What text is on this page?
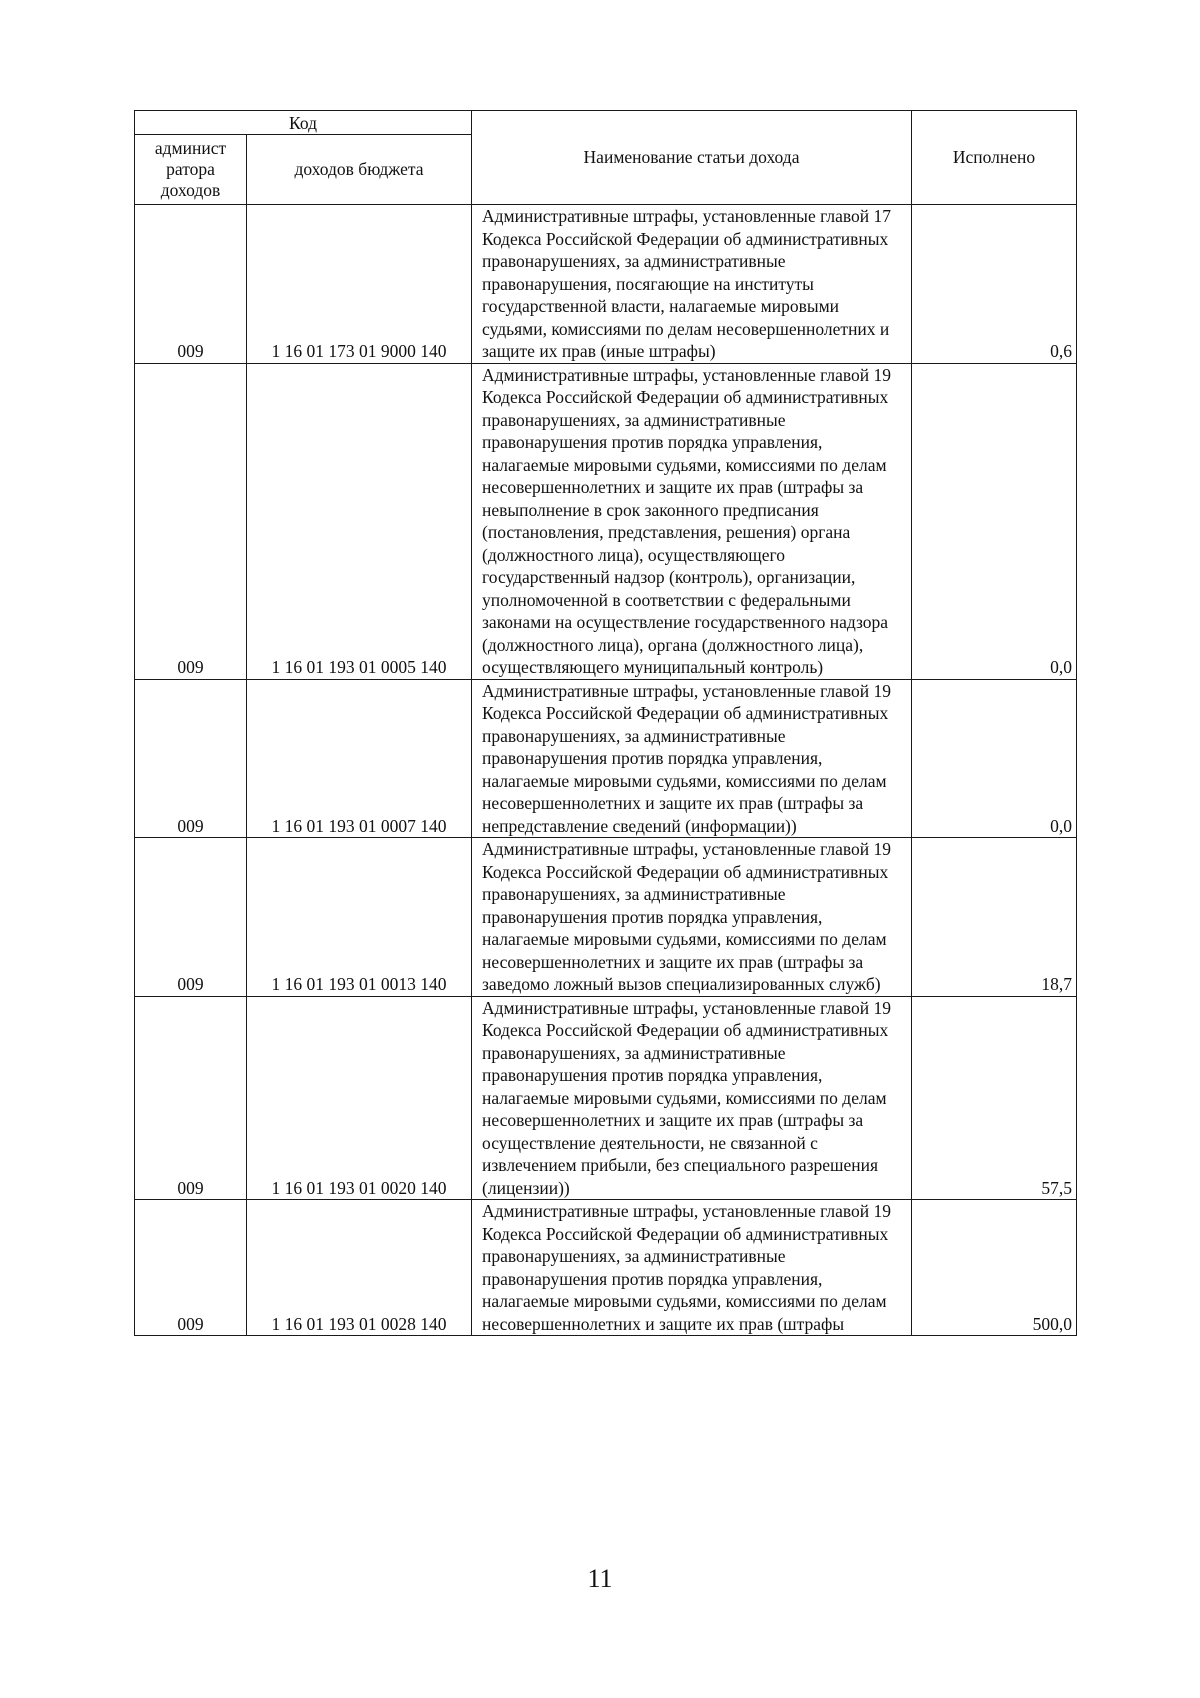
Код		Наименование статьи дохода	Исполнено

админист
ратора
доходов	доходов бюджета		
009	1 16 01 173 01 9000 140	Административные штрафы, установленные главой 17 Кодекса Российской Федерации об административных правонарушениях, за административные правонарушения, посягающие на институты государственной власти, налагаемые мировыми судьями, комиссиями по делам несовершеннолетних и защите их прав (иные штрафы)	0,6
009	1 16 01 193 01 0005 140	Административные штрафы, установленные главой 19 Кодекса Российской Федерации об административных правонарушениях, за административные правонарушения против порядка управления, налагаемые мировыми судьями, комиссиями по делам несовершеннолетних и защите их прав (штрафы за невыполнение в срок законного предписания (постановления, представления, решения) органа (должностного лица), осуществляющего государственный надзор (контроль), организации, уполномоченной в соответствии с федеральными законами на осуществление государственного надзора (должностного лица), органа (должностного лица), осуществляющего муниципальный контроль)	0,0
009	1 16 01 193 01 0007 140	Административные штрафы, установленные главой 19 Кодекса Российской Федерации об административных правонарушениях, за административные правонарушения против порядка управления, налагаемые мировыми судьями, комиссиями по делам несовершеннолетних и защите их прав (штрафы за непредставление сведений (информации))	0,0
009	1 16 01 193 01 0013 140	Административные штрафы, установленные главой 19 Кодекса Российской Федерации об административных правонарушениях, за административные правонарушения против порядка управления, налагаемые мировыми судьями, комиссиями по делам несовершеннолетних и защите их прав (штрафы за заведомо ложный вызов специализированных служб)	18,7
009	1 16 01 193 01 0020 140	Административные штрафы, установленные главой 19 Кодекса Российской Федерации об административных правонарушениях, за административные правонарушения против порядка управления, налагаемые мировыми судьями, комиссиями по делам несовершеннолетних и защите их прав (штрафы за осуществление деятельности, не связанной с извлечением прибыли, без специального разрешения (лицензии))	57,5
009	1 16 01 193 01 0028 140	Административные штрафы, установленные главой 19 Кодекса Российской Федерации об административных правонарушениях, за административные правонарушения против порядка управления, налагаемые мировыми судьями, комиссиями по делам несовершеннолетних и защите их прав (штрафы	500,0
11
